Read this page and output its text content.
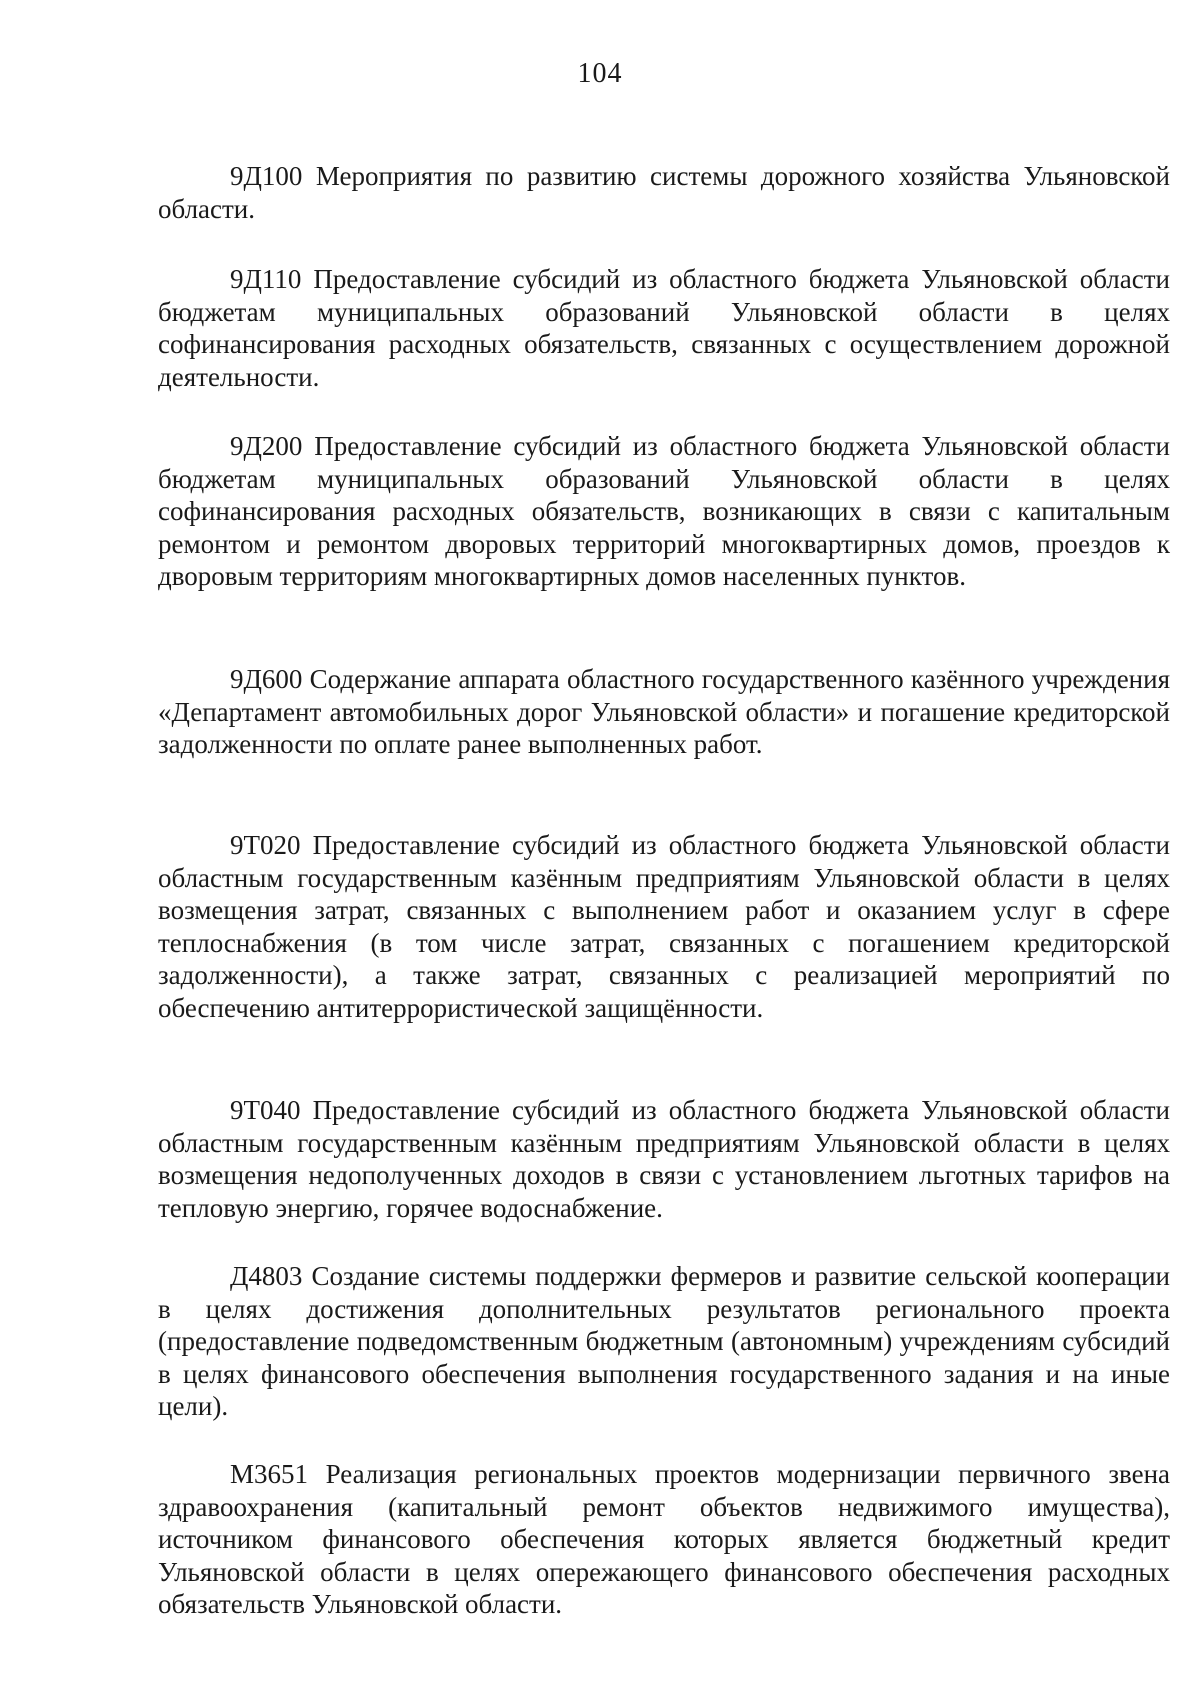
104

9Д100 Мероприятия по развитию системы дорожного хозяйства Ульяновской области.

9Д110 Предоставление субсидий из областного бюджета Ульяновской области бюджетам муниципальных образований Ульяновской области в целях софинансирования расходных обязательств, связанных с осуществлением дорожной деятельности.

9Д200 Предоставление субсидий из областного бюджета Ульяновской области бюджетам муниципальных образований Ульяновской области в целях софинансирования расходных обязательств, возникающих в связи с капитальным ремонтом и ремонтом дворовых территорий многоквартирных домов, проездов к дворовым территориям многоквартирных домов населенных пунктов.

9Д600 Содержание аппарата областного государственного казённого учреждения «Департамент автомобильных дорог Ульяновской области» и погашение кредиторской задолженности по оплате ранее выполненных работ.

9Т020 Предоставление субсидий из областного бюджета Ульяновской области областным государственным казённым предприятиям Ульяновской области в целях возмещения затрат, связанных с выполнением работ и оказанием услуг в сфере теплоснабжения (в том числе затрат, связанных с погашением кредиторской задолженности), а также затрат, связанных с реализацией мероприятий по обеспечению антитеррористической защищённости.

9Т040 Предоставление субсидий из областного бюджета Ульяновской области областным государственным казённым предприятиям Ульяновской области в целях возмещения недополученных доходов в связи с установлением льготных тарифов на тепловую энергию, горячее водоснабжение.

Д4803 Создание системы поддержки фермеров и развитие сельской кооперации в целях достижения дополнительных результатов регионального проекта (предоставление подведомственным бюджетным (автономным) учреждениям субсидий в целях финансового обеспечения выполнения государственного задания и на иные цели).

М3651 Реализация региональных проектов модернизации первичного звена здравоохранения (капитальный ремонт объектов недвижимого имущества), источником финансового обеспечения которых является бюджетный кредит Ульяновской области в целях опережающего финансового обеспечения расходных обязательств Ульяновской области.
